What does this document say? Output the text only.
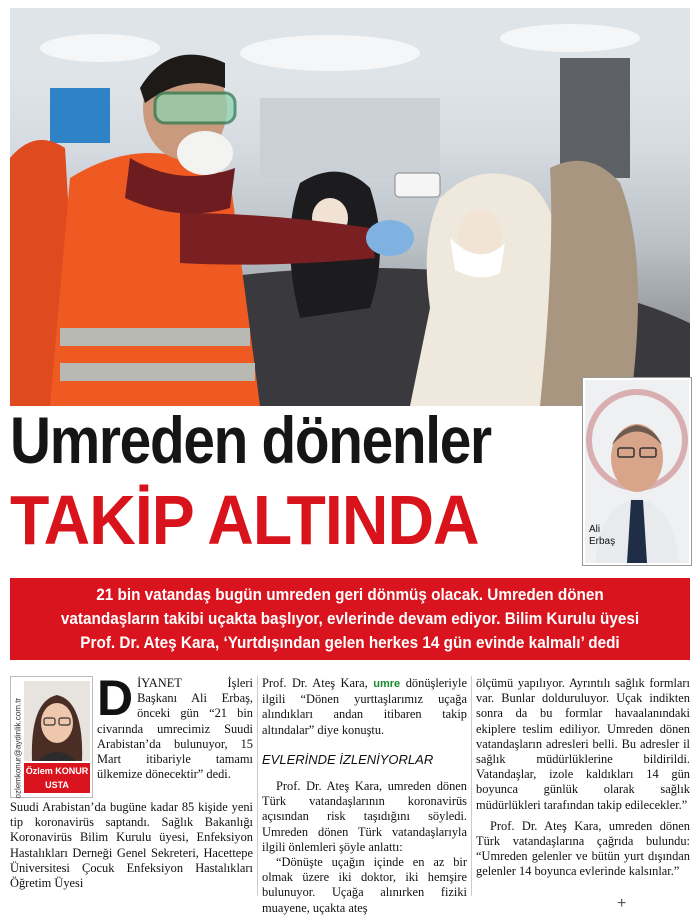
Ali
Erbaş
Umreden dönenler
TAKİP ALTINDA
21 bin vatandaş bugün umreden geri dönmüş olacak. Umreden dönen
vatandaşların takibi uçakta başlıyor, evlerinde devam ediyor. Bilim Kurulu üyesi
Prof. Dr. Ateş Kara, ‘Yurtdışından gelen herkes 14 gün evinde kalmalı’ dedi
ozlemkonur@aydinlik.com.tr Özlem KONUR
USTA

DİYANET İşleri Başkanı Ali Erbaş, önceki gün “21 bin civarında umrecimiz Suudi Arabistan’da bulunuyor, 15 Mart itibariyle tamamı ülkemize dönecektir” dedi.

Suudi Arabistan’da bugüne kadar 85 kişide yeni tip koronavirüs saptandı. Sağlık Bakanlığı Koronavirüs Bilim Kurulu üyesi, Enfeksiyon Hastalıkları Derneği Genel Sekreteri, Hacettepe Üniversitesi Çocuk Enfeksiyon Hastalıkları Öğretim Üyesi

Prof. Dr. Ateş Kara, umre dönüşleriyle ilgili “Dönen yurttaşlarımız uçağa alındıkları andan itibaren takip altındalar” diye konuştu.

EVLERİNDE İZLENİYORLAR

Prof. Dr. Ateş Kara, umreden dönen Türk vatandaşlarının koronavirüs açısından risk taşıdığını söyledi. Umreden dönen Türk vatandaşlarıyla ilgili önlemleri şöyle anlattı:

“Dönüşte uçağın içinde en az bir olmak üzere iki doktor, iki hemşire bulunuyor. Uçağa alınırken fiziki muayene, uçakta ateş

ölçümü yapılıyor. Ayrıntılı sağlık formları var. Bunlar dolduruluyor. Uçak indikten sonra da bu formlar havaalanındaki ekiplere teslim ediliyor. Umreden dönen vatandaşların adresleri belli. Bu adresler il sağlık müdürlüklerine bildirildi. Vatandaşlar, izole kaldıkları 14 gün boyunca günlük olarak sağlık müdürlükleri tarafından takip edilecekler.”

Prof. Dr. Ateş Kara, umreden dönen Türk vatandaşlarına çağrıda bulundu: “Umreden gelenler ve bütün yurt dışından gelenler 14 boyunca evlerinde kalsınlar.”

+
